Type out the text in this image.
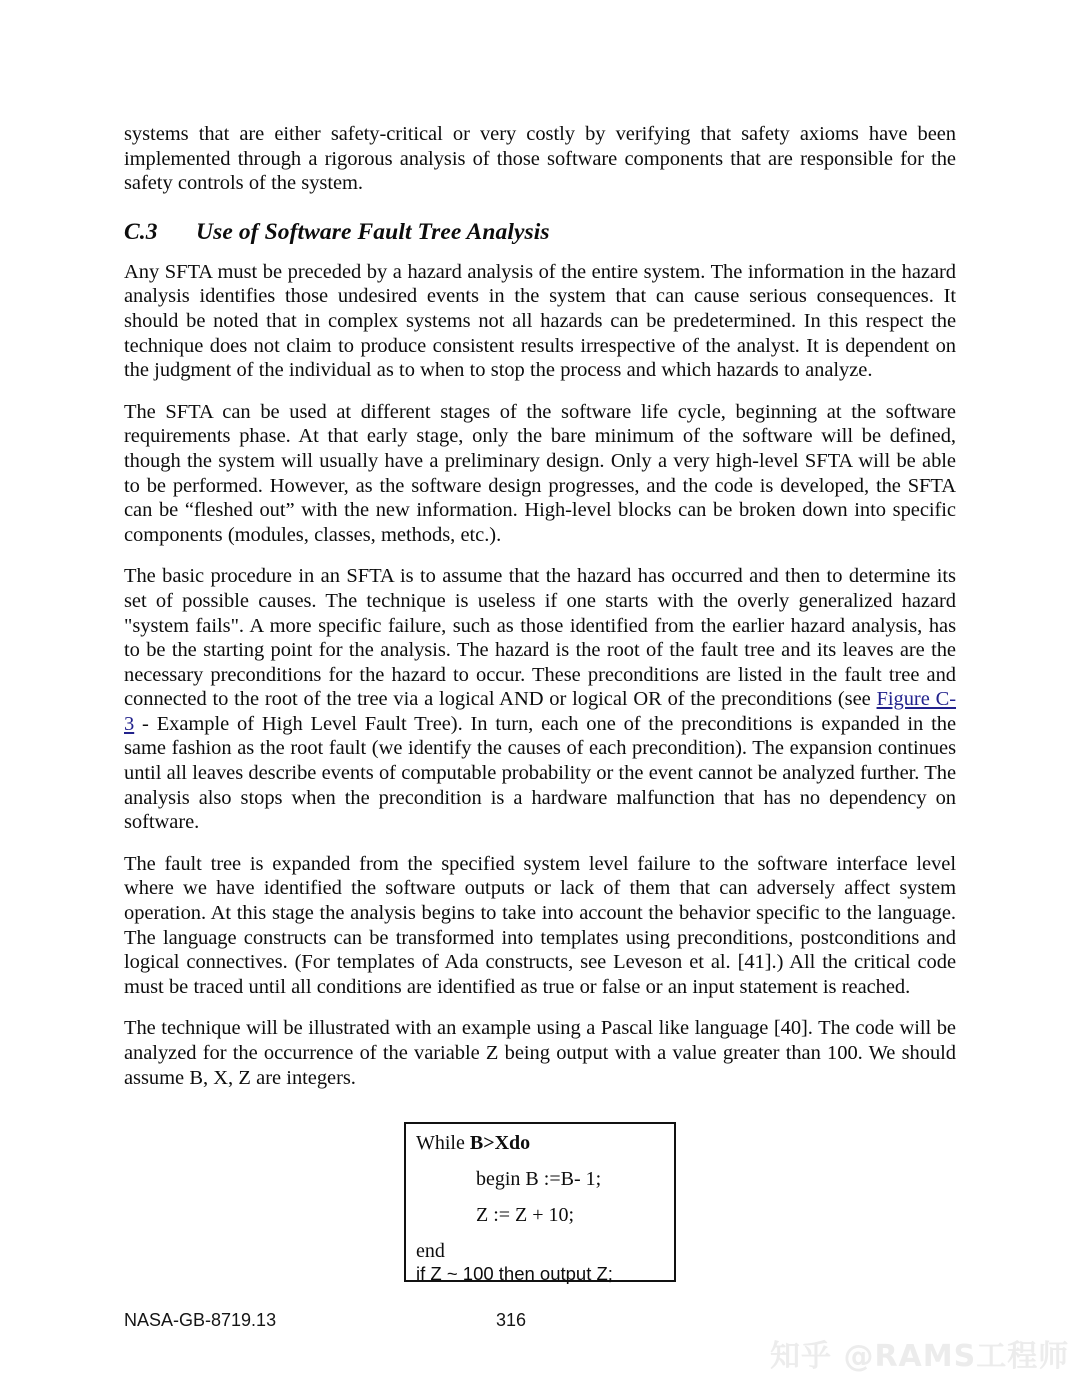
systems that are either safety-critical or very costly by verifying that safety axioms have been implemented through a rigorous analysis of those software components that are responsible for the safety controls of the system.

C.3 Use of Software Fault Tree Analysis

Any SFTA must be preceded by a hazard analysis of the entire system. The information in the hazard analysis identifies those undesired events in the system that can cause serious consequences. It should be noted that in complex systems not all hazards can be predetermined. In this respect the technique does not claim to produce consistent results irrespective of the analyst. It is dependent on the judgment of the individual as to when to stop the process and which hazards to analyze.

The SFTA can be used at different stages of the software life cycle, beginning at the software requirements phase. At that early stage, only the bare minimum of the software will be defined, though the system will usually have a preliminary design. Only a very high-level SFTA will be able to be performed. However, as the software design progresses, and the code is developed, the SFTA can be “fleshed out” with the new information. High-level blocks can be broken down into specific components (modules, classes, methods, etc.).

The basic procedure in an SFTA is to assume that the hazard has occurred and then to determine its set of possible causes. The technique is useless if one starts with the overly generalized hazard "system fails". A more specific failure, such as those identified from the earlier hazard analysis, has to be the starting point for the analysis. The hazard is the root of the fault tree and its leaves are the necessary preconditions for the hazard to occur. These preconditions are listed in the fault tree and connected to the root of the tree via a logical AND or logical OR of the preconditions (see Figure C- 3 - Example of High Level Fault Tree). In turn, each one of the preconditions is expanded in the same fashion as the root fault (we identify the causes of each precondition). The expansion continues until all leaves describe events of computable probability or the event cannot be analyzed further. The analysis also stops when the precondition is a hardware malfunction that has no dependency on software.

The fault tree is expanded from the specified system level failure to the software interface level where we have identified the software outputs or lack of them that can adversely affect system operation. At this stage the analysis begins to take into account the behavior specific to the language. The language constructs can be transformed into templates using preconditions, postconditions and logical connectives. (For templates of Ada constructs, see Leveson et al. [41].) All the critical code must be traced until all conditions are identified as true or false or an input statement is reached.

The technique will be illustrated with an example using a Pascal like language [40]. The code will be analyzed for the occurrence of the variable Z being output with a value greater than 100. We should assume B, X, Z are integers.

While B>Xdo
begin B :=B- 1;
Z := Z + 10;
end
if Z ~ 100 then output Z;
NASA-GB-8719.13	316
知乎 @RAMS工程师
